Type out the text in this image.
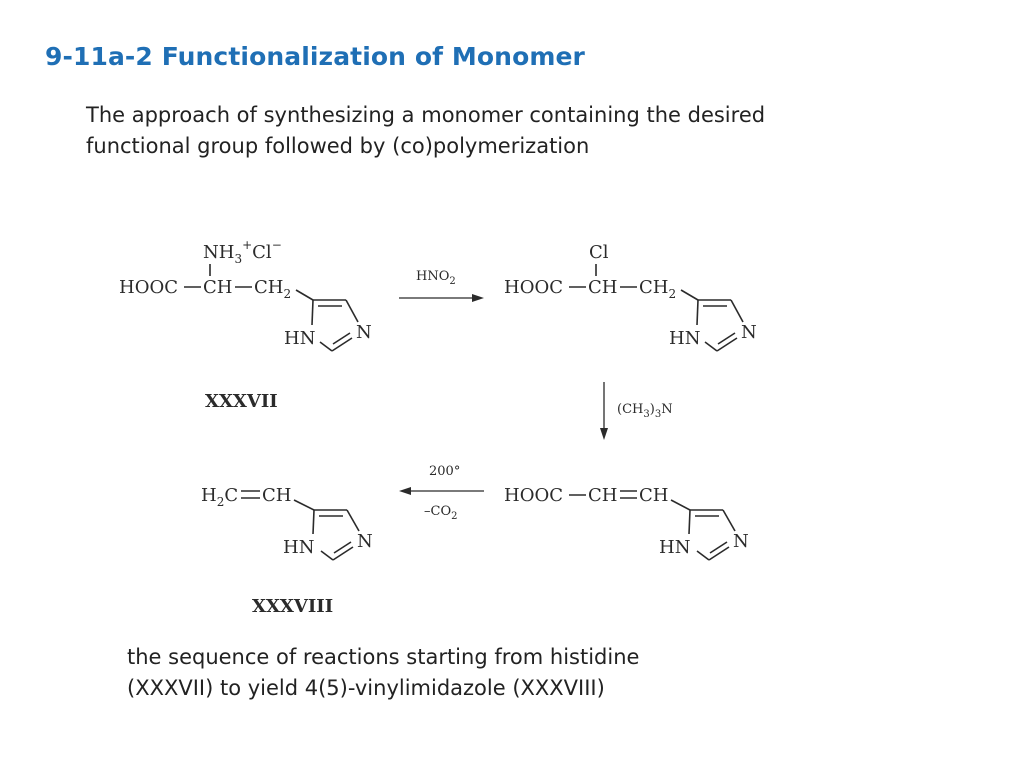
9-11a-2 Functionalization of Monomer
The approach of synthesizing a monomer containing the desired
functional group followed by (co)polymerization
$NH_3^+Cl^-$
HOOC CH $CH_2$
HN N
XXXVII
$HNO_2$
Cl
HOOC CH $CH_2$
HN N
$(CH_3)_3N$
HOOC CH CH
HN N
200°
$-CO_2$
$H_2C$ CH
HN N
XXXVIII
the sequence of reactions starting from histidine
(XXXVII) to yield 4(5)-vinylimidazole (XXXVIII)
